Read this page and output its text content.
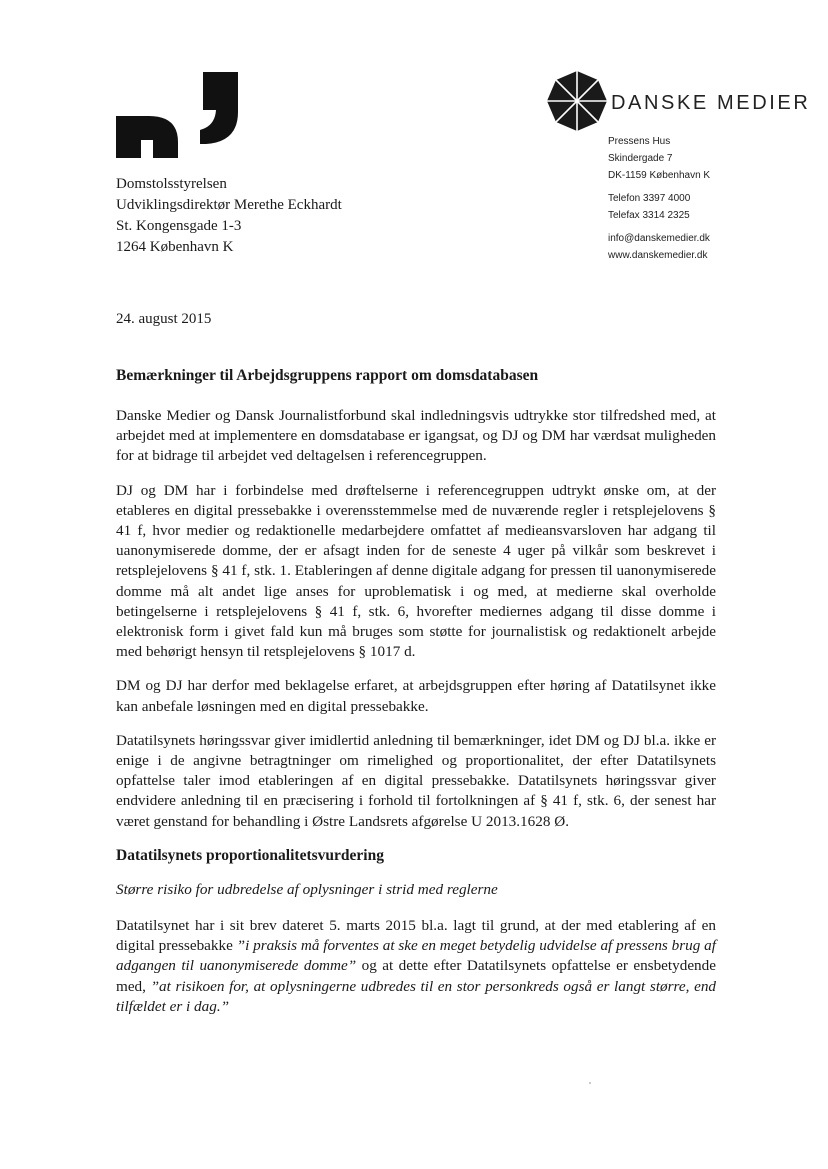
DANSKE MEDIER
Pressens Hus
Skindergade 7
DK-1159 København K
Telefon 3397 4000
Telefax 3314 2325
info@danskemedier.dk
www.danskemedier.dk
Domstolsstyrelsen
Udviklingsdirektør Merethe Eckhardt
St. Kongensgade 1-3
1264 København K
24. august 2015
Bemærkninger til Arbejdsgruppens rapport om domsdatabasen

Danske Medier og Dansk Journalistforbund skal indledningsvis udtrykke stor tilfredshed med, at arbejdet med at implementere en domsdatabase er igangsat, og DJ og DM har værdsat muligheden for at bidrage til arbejdet ved deltagelsen i referencegruppen.

DJ og DM har i forbindelse med drøftelserne i referencegruppen udtrykt ønske om, at der etableres en digital pressebakke i overensstemmelse med de nuværende regler i retsplejelovens § 41 f, hvor medier og redaktionelle medarbejdere omfattet af medieansvarsloven har adgang til uanonymiserede domme, der er afsagt inden for de seneste 4 uger på vilkår som beskrevet i retsplejelovens § 41 f, stk. 1. Etableringen af denne digitale adgang for pressen til uanonymiserede domme må alt andet lige anses for uproblematisk i og med, at medierne skal overholde betingelserne i retsplejelovens § 41 f, stk. 6, hvorefter mediernes adgang til disse domme i elektronisk form i givet fald kun må bruges som støtte for journalistisk og redaktionelt arbejde med behørigt hensyn til retsplejelovens § 1017 d.

DM og DJ har derfor med beklagelse erfaret, at arbejdsgruppen efter høring af Datatilsynet ikke kan anbefale løsningen med en digital pressebakke.

Datatilsynets høringssvar giver imidlertid anledning til bemærkninger, idet DM og DJ bl.a. ikke er enige i de angivne betragtninger om rimelighed og proportionalitet, der efter Datatilsynets opfattelse taler imod etableringen af en digital pressebakke. Datatilsynets høringssvar giver endvidere anledning til en præcisering i forhold til fortolkningen af § 41 f, stk. 6, der senest har været genstand for behandling i Østre Landsrets afgørelse U 2013.1628 Ø.

Datatilsynets proportionalitetsvurdering

Større risiko for udbredelse af oplysninger i strid med reglerne

Datatilsynet har i sit brev dateret 5. marts 2015 bl.a. lagt til grund, at der med etablering af en digital pressebakke ”i praksis må forventes at ske en meget betydelig udvidelse af pressens brug af adgangen til uanonymiserede domme” og at dette efter Datatilsynets opfattelse er ensbetydende med, ”at risikoen for, at oplysningerne udbredes til en stor personkreds også er langt større, end tilfældet er i dag.”
